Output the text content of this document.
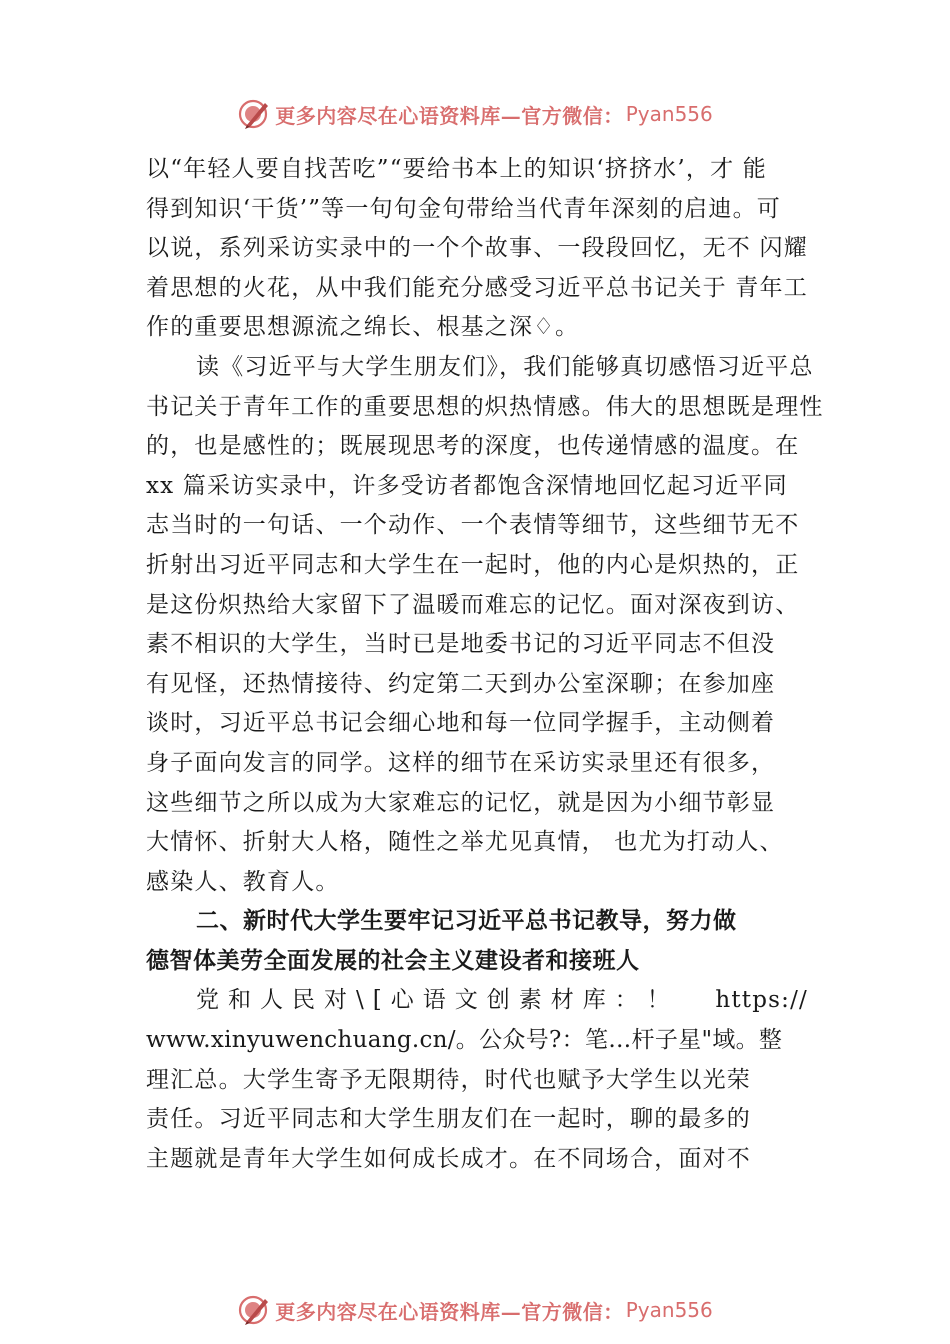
更多内容尽在心语资料库—官方微信： Pyan556
以“年轻人要自找苦吃”“要给书本上的知识‘挤挤水’，才 能
得到知识‘干货’”等一句句金句带给当代青年深刻的启迪。可
以说，系列采访实录中的一个个故事、一段段回忆，无不 闪耀
着思想的火花，从中我们能充分感受习近平总书记关于 青年工
作的重要思想源流之绵长、根基之深♢。
读《习近平与大学生朋友们》，我们能够真切感悟习近平总
书记关于青年工作的重要思想的炽热情感。伟大的思想既是理性
的，也是感性的；既展现思考的深度，也传递情感的温度。在
xx 篇采访实录中，许多受访者都饱含深情地回忆起习近平同
志当时的一句话、一个动作、一个表情等细节，这些细节无不
折射出习近平同志和大学生在一起时，他的内心是炽热的，正
是这份炽热给大家留下了温暖而难忘的记忆。面对深夜到访、
素不相识的大学生，当时已是地委书记的习近平同志不但没
有见怪，还热情接待、约定第二天到办公室深聊；在参加座
谈时，习近平总书记会细心地和每一位同学握手，主动侧着
身子面向发言的同学。这样的细节在采访实录里还有很多，
这些细节之所以成为大家难忘的记忆，就是因为小细节彰显
大情怀、折射大人格，随性之举尤见真情， 也尤为打动人、
感染人、教育人。
二、新时代大学生要牢记习近平总书记教导，努力做
德智体美劳全面发展的社会主义建设者和接班人
党和人民对\[心语文创素材库：！ https://
www.xinyuwenchuang.cn/。公众号?：笔…杆子星"域。整
理汇总。大学生寄予无限期待，时代也赋予大学生以光荣
责任。习近平同志和大学生朋友们在一起时，聊的最多的
主题就是青年大学生如何成长成才。在不同场合，面对不
更多内容尽在心语资料库—官方微信： Pyan556
